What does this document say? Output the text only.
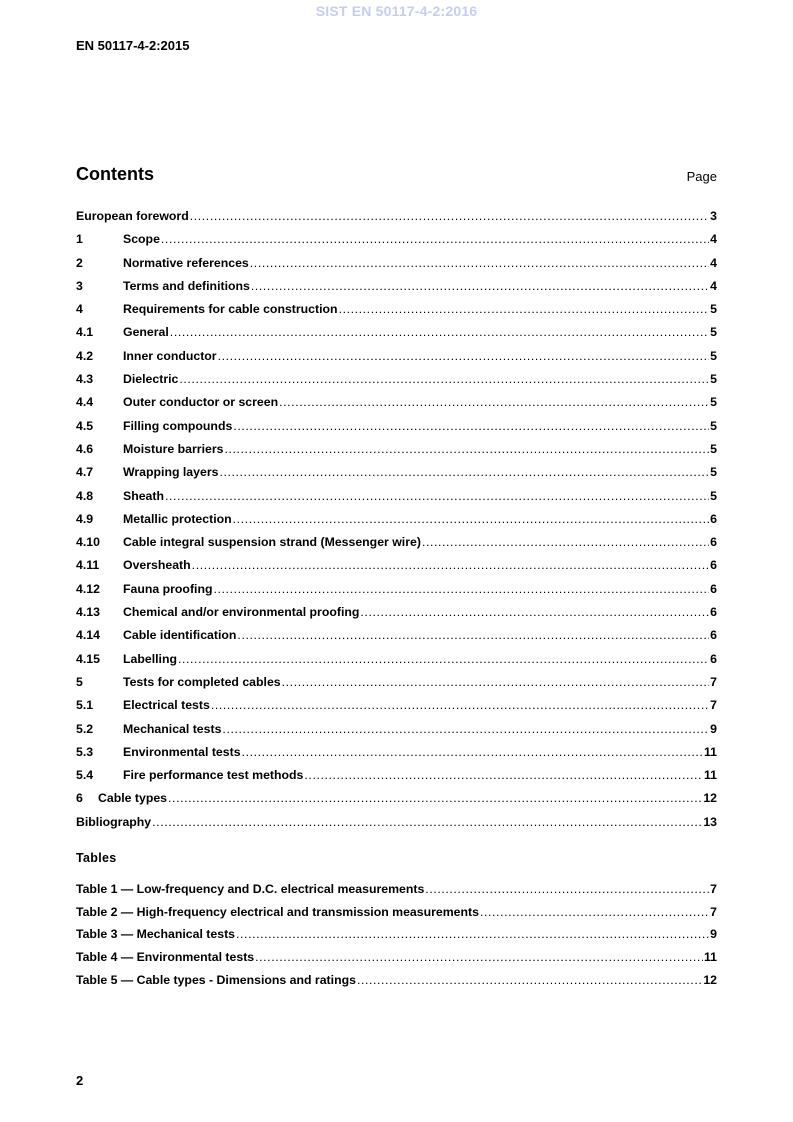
SIST EN 50117-4-2:2016
EN 50117-4-2:2015
Contents	Page
European foreword .....	3
1	Scope .....	4
2	Normative references .....	4
3	Terms and definitions .....	4
4	Requirements for cable construction .....	5
4.1	General .....	5
4.2	Inner conductor .....	5
4.3	Dielectric .....	5
4.4	Outer conductor or screen .....	5
4.5	Filling compounds .....	5
4.6	Moisture barriers .....	5
4.7	Wrapping layers .....	5
4.8	Sheath .....	5
4.9	Metallic protection .....	6
4.10	Cable integral suspension strand (Messenger wire) .....	6
4.11	Oversheath .....	6
4.12	Fauna proofing .....	6
4.13	Chemical and/or environmental proofing .....	6
4.14	Cable identification .....	6
4.15	Labelling .....	6
5	Tests for completed cables .....	7
5.1	Electrical tests .....	7
5.2	Mechanical tests .....	9
5.3	Environmental tests .....	11
5.4	Fire performance test methods .....	11
6	Cable types .....	12
Bibliography .....	13
Tables
Table 1 — Low-frequency and D.C. electrical measurements .....	7
Table 2 — High-frequency electrical and transmission measurements .....	7
Table 3 — Mechanical tests .....	9
Table 4 — Environmental tests .....	11
Table 5 — Cable types - Dimensions and ratings .....	12
2
